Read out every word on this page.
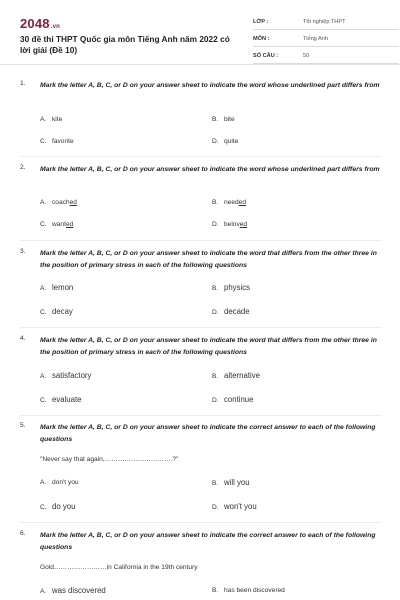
2048.vn
30 đề thi THPT Quốc gia môn Tiếng Anh năm 2022 có lời giải (Đề 10)
LỚP :	Tốt nghiệp THPT
MÔN :	Tiếng Anh
SỐ CÂU :	50
1. Mark the letter A, B, C, or D on your answer sheet to indicate the word whose underlined part differs from
A. kite	B. bite
C. favorite	D. quite
2. Mark the letter A, B, C, or D on your answer sheet to indicate the word whose underlined part differs from
A. coached	B. needed
C. wanted	D. beloved
3. Mark the letter A, B, C, or D on your answer sheet to indicate the word that differs from the other three in the position of primary stress in each of the following questions
A. lemon	B. physics
C. decay	D. decade
4. Mark the letter A, B, C, or D on your answer sheet to indicate the word that differs from the other three in the position of primary stress in each of the following questions
A. satisfactory	B. alternative
C. evaluate	D. continue
5. Mark the letter A, B, C, or D on your answer sheet to indicate the correct answer to each of the following questions
"Never say that again,………………………….?"
A. don't you	B. will you
C. do you	D. won't you
6. Mark the letter A, B, C, or D on your answer sheet to indicate the correct answer to each of the following questions
Gold……………………in California in the 19th century
A. was discovered	B. has been discovered
